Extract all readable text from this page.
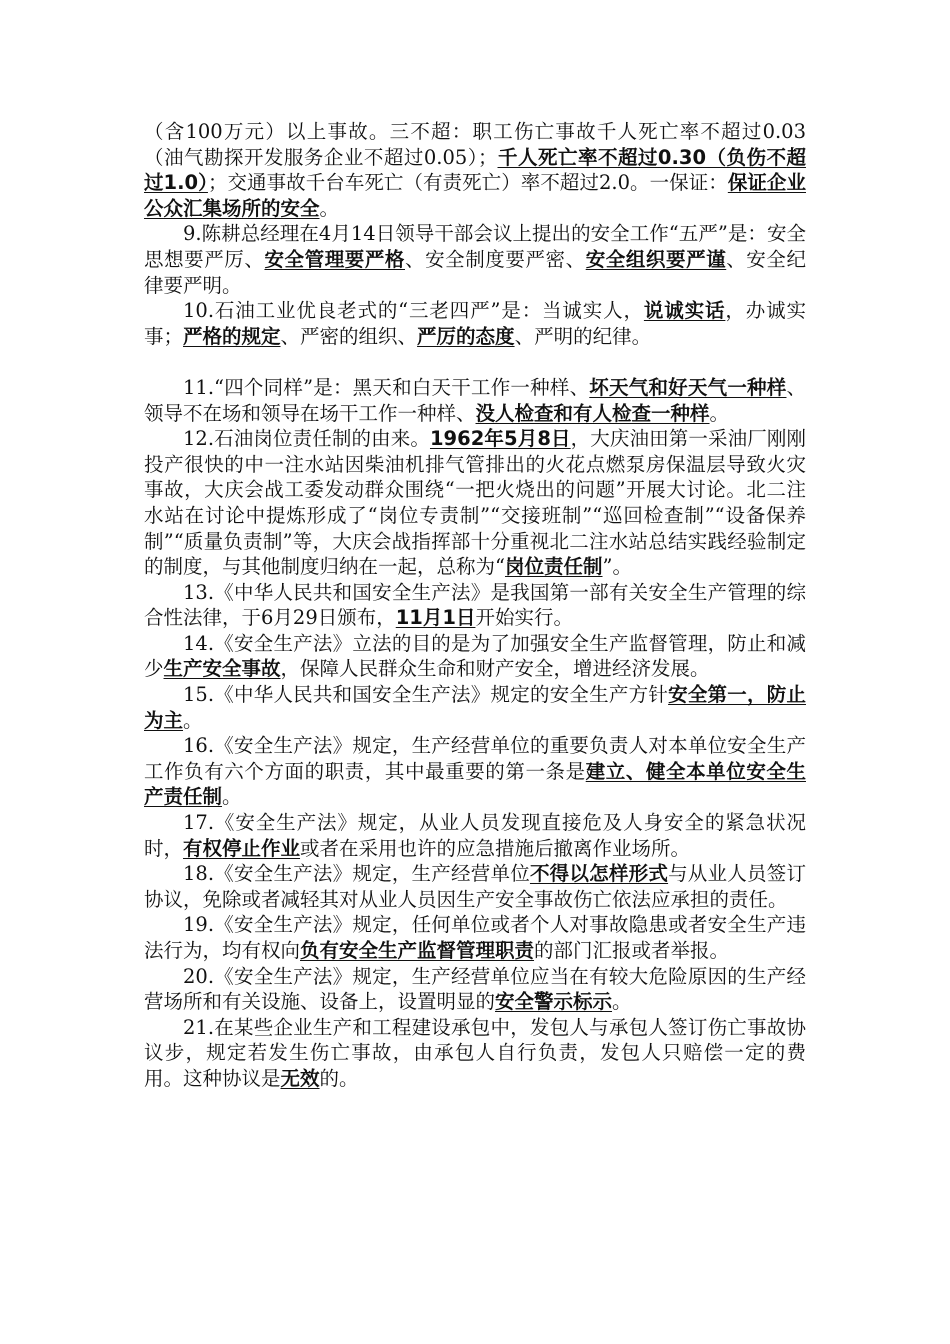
（含100万元）以上事故。三不超：职工伤亡事故千人死亡率不超过0.03（油气勘探开发服务企业不超过0.05）；千人死亡率不超过0.30（负伤不超过1.0）；交通事故千台车死亡（有责死亡）率不超过2.0。一保证：保证企业公众汇集场所的安全。

9.陈耕总经理在4月14日领导干部会议上提出的安全工作“五严”是：安全思想要严厉、安全管理要严格、安全制度要严密、安全组织要严谨、安全纪律要严明。

10.石油工业优良老式的“三老四严”是：当诚实人，说诚实话，办诚实事；严格的规定、严密的组织、严厉的态度、严明的纪律。

11.“四个同样”是：黑天和白天干工作一种样、坏天气和好天气一种样、领导不在场和领导在场干工作一种样、没人检查和有人检查一种样。

12.石油岗位责任制的由来。1962年5月8日，大庆油田第一采油厂刚刚投产很快的中一注水站因柴油机排气管排出的火花点燃泵房保温层导致火灾事故，大庆会战工委发动群众围绕“一把火烧出的问题”开展大讨论。北二注水站在讨论中提炼形成了“岗位专责制”“交接班制”“巡回检查制”“设备保养制”“质量负责制”等，大庆会战指挥部十分重视北二注水站总结实践经验制定的制度，与其他制度归纳在一起，总称为“岗位责任制”。

13.《中华人民共和国安全生产法》是我国第一部有关安全生产管理的综合性法律，于6月29日颁布，11月1日开始实行。

14.《安全生产法》立法的目的是为了加强安全生产监督管理，防止和减少生产安全事故，保障人民群众生命和财产安全，增进经济发展。

15.《中华人民共和国安全生产法》规定的安全生产方针安全第一，防止为主。

16.《安全生产法》规定，生产经营单位的重要负责人对本单位安全生产工作负有六个方面的职责，其中最重要的第一条是建立、健全本单位安全生产责任制。

17.《安全生产法》规定，从业人员发现直接危及人身安全的紧急状况时，有权停止作业或者在采用也许的应急措施后撤离作业场所。

18.《安全生产法》规定，生产经营单位不得以怎样形式与从业人员签订协议，免除或者减轻其对从业人员因生产安全事故伤亡依法应承担的责任。

19.《安全生产法》规定，任何单位或者个人对事故隐患或者安全生产违法行为，均有权向负有安全生产监督管理职责的部门汇报或者举报。

20.《安全生产法》规定，生产经营单位应当在有较大危险原因的生产经营场所和有关设施、设备上，设置明显的安全警示标示。

21.在某些企业生产和工程建设承包中，发包人与承包人签订伤亡事故协议步，规定若发生伤亡事故，由承包人自行负责，发包人只赔偿一定的费用。这种协议是无效的。
